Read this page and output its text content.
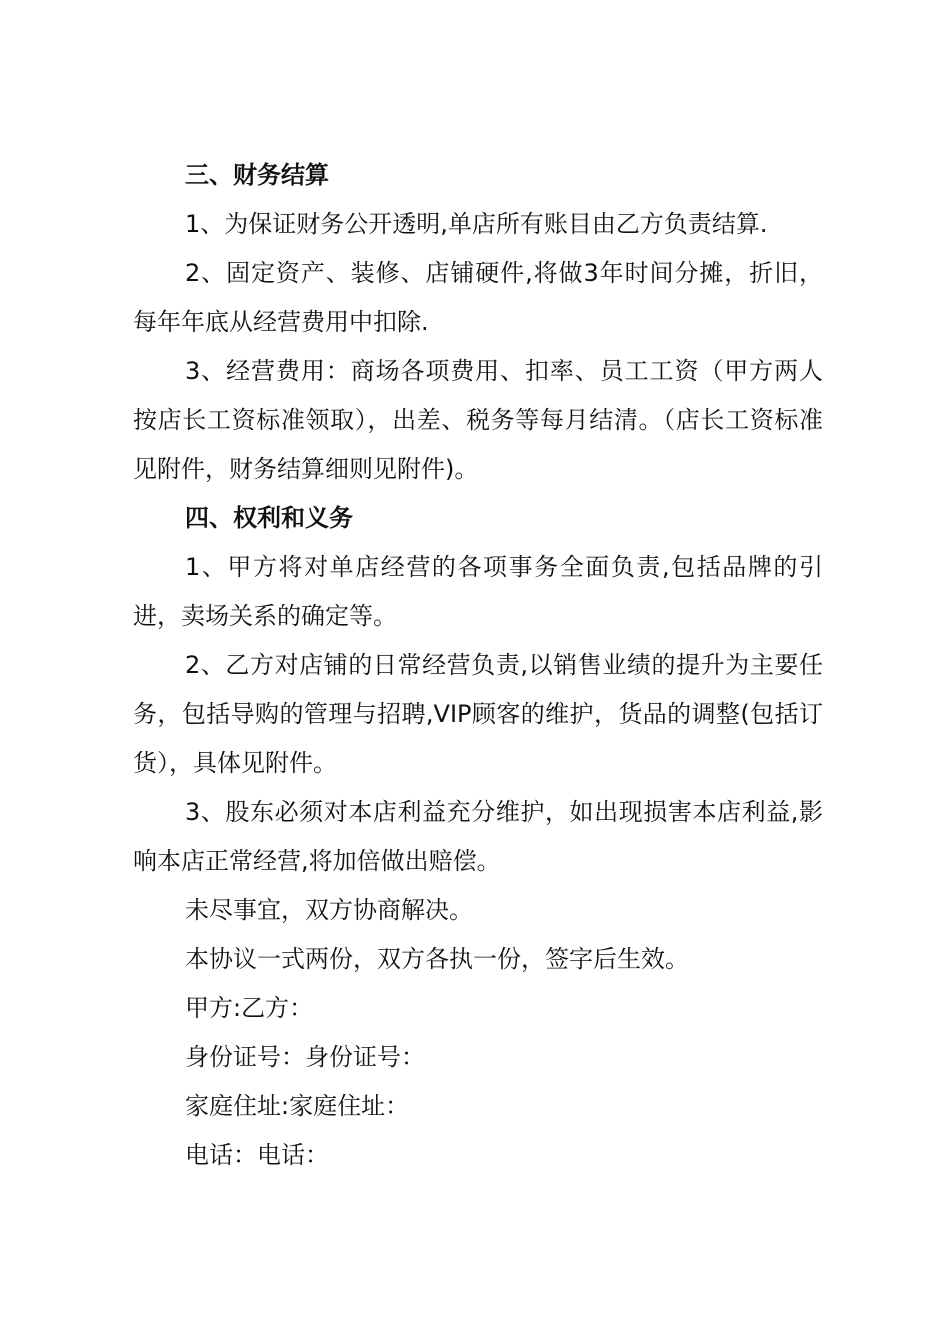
三、财务结算

1、为保证财务公开透明,单店所有账目由乙方负责结算.

2、固定资产、装修、店铺硬件,将做3年时间分摊，折旧，每年年底从经营费用中扣除.

3、经营费用：商场各项费用、扣率、员工工资（甲方两人按店长工资标准领取），出差、税务等每月结清。（店长工资标准见附件，财务结算细则见附件)。

四、权利和义务

1、甲方将对单店经营的各项事务全面负责,包括品牌的引进，卖场关系的确定等。

2、乙方对店铺的日常经营负责,以销售业绩的提升为主要任务，包括导购的管理与招聘,VIP顾客的维护，货品的调整(包括订货），具体见附件。

3、股东必须对本店利益充分维护，如出现损害本店利益,影响本店正常经营,将加倍做出赔偿。

未尽事宜，双方协商解决。

本协议一式两份，双方各执一份，签字后生效。

甲方:乙方：

身份证号：身份证号：

家庭住址:家庭住址：

电话：电话：
